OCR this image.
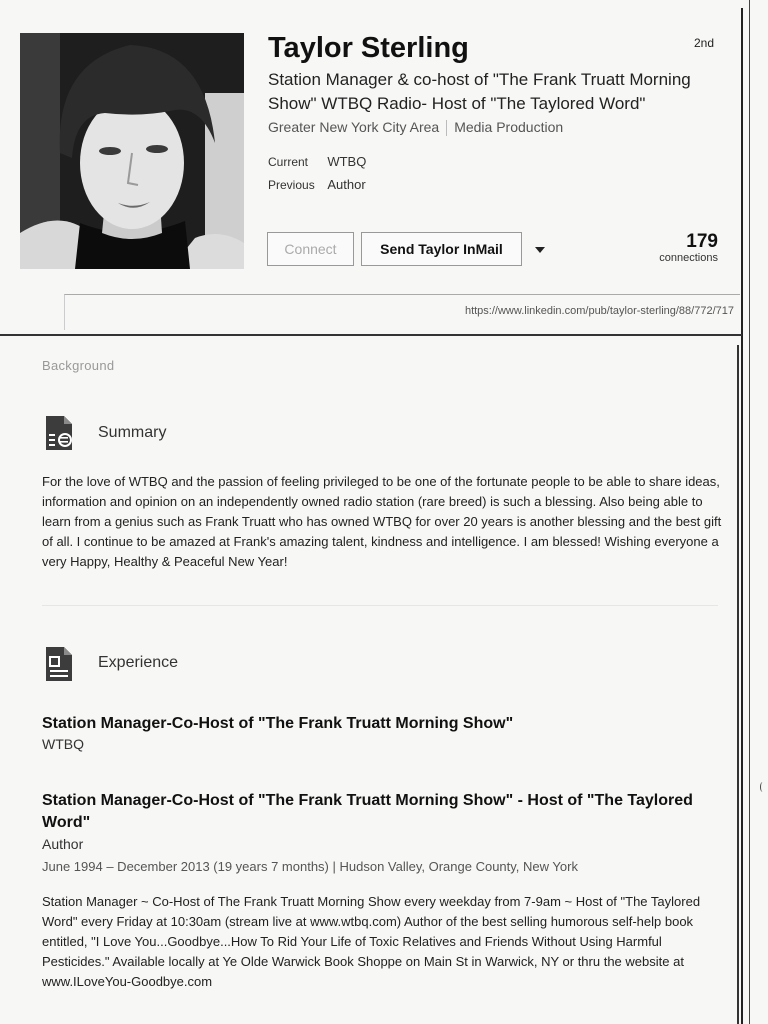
Taylor Sterling	2nd
Station Manager & co-host of "The Frank Truatt Morning Show" WTBQ Radio- Host of "The Taylored Word"
Greater New York City Area Media Production
Current WTBQ
Previous Author
Connect	Send Taylor InMail	179
connections
https://www.linkedin.com/pub/taylor-sterling/88/772/717
Background
Summary
For the love of WTBQ and the passion of feeling privileged to be one of the fortunate people to be able to share ideas, information and opinion on an independently owned radio station (rare breed) is such a blessing. Also being able to learn from a genius such as Frank Truatt who has owned WTBQ for over 20 years is another blessing and the best gift of all. I continue to be amazed at Frank's amazing talent, kindness and intelligence. I am blessed! Wishing everyone a very Happy, Healthy & Peaceful New Year!
Experience
Station Manager-Co-Host of "The Frank Truatt Morning Show"
WTBQ
Station Manager-Co-Host of "The Frank Truatt Morning Show" - Host of "The Taylored Word"
Author
June 1994 – December 2013 (19 years 7 months) | Hudson Valley, Orange County, New York
Station Manager ~ Co-Host of The Frank Truatt Morning Show every weekday from 7-9am ~ Host of "The Taylored Word" every Friday at 10:30am (stream live at www.wtbq.com) Author of the best selling humorous self-help book entitled, "I Love You...Goodbye...How To Rid Your Life of Toxic Relatives and Friends Without Using Harmful Pesticides." Available locally at Ye Olde Warwick Book Shoppe on Main St in Warwick, NY or thru the website at www.ILoveYou-Goodbye.com
